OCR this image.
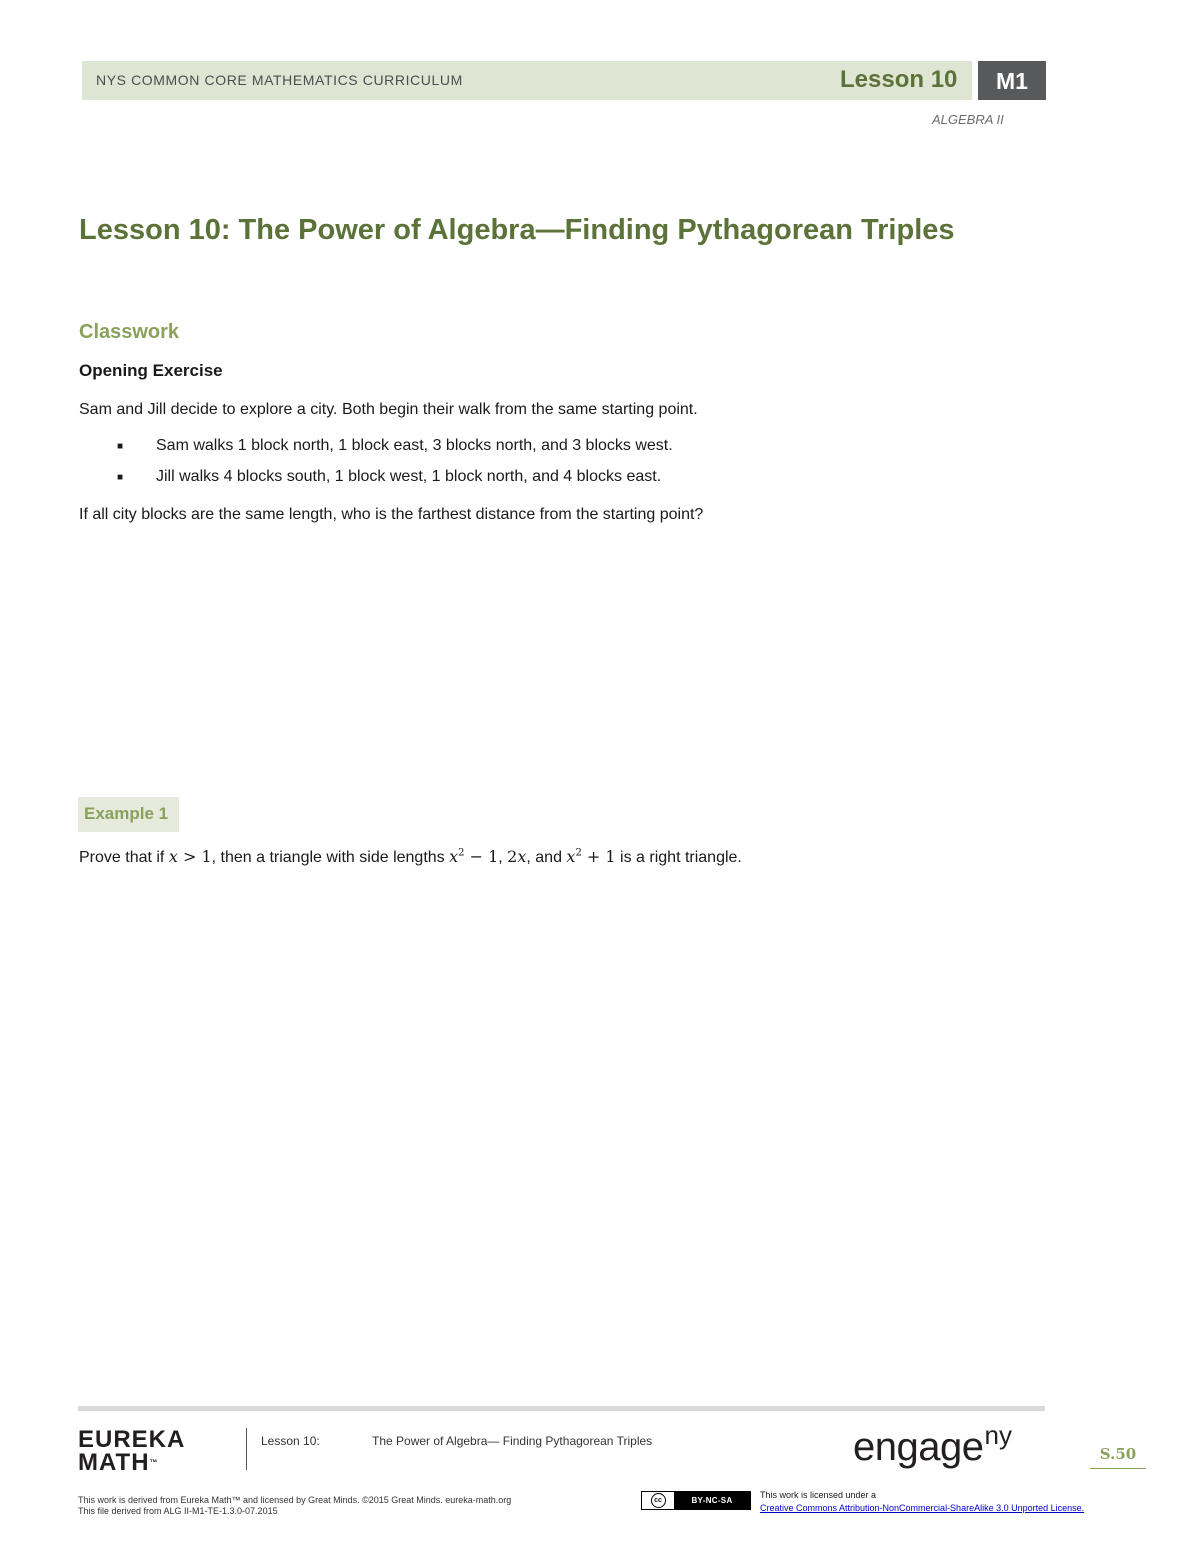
NYS COMMON CORE MATHEMATICS CURRICULUM	Lesson 10	M1
ALGEBRA II
Lesson 10: The Power of Algebra—Finding Pythagorean Triples
Classwork
Opening Exercise
Sam and Jill decide to explore a city. Both begin their walk from the same starting point.
■ Sam walks 1 block north, 1 block east, 3 blocks north, and 3 blocks west.
■ Jill walks 4 blocks south, 1 block west, 1 block north, and 4 blocks east.
If all city blocks are the same length, who is the farthest distance from the starting point?
Example 1
Prove that if x > 1, then a triangle with side lengths $x^2 - 1$, 2x, and $x^2 + 1$ is a right triangle.
EUREKA
MATH™
Lesson 10:	The Power of Algebra— Finding Pythagorean Triples	engageny
S.50
This work is derived from Eureka Math™ and licensed by Great Minds. ©2015 Great Minds. eureka-math.org
This file derived from ALG II-M1-TE-1.3.0-07.2015
cc	BY-NC-SA
This work is licensed under a
Creative Commons Attribution-NonCommercial-ShareAlike 3.0 Unported License.
